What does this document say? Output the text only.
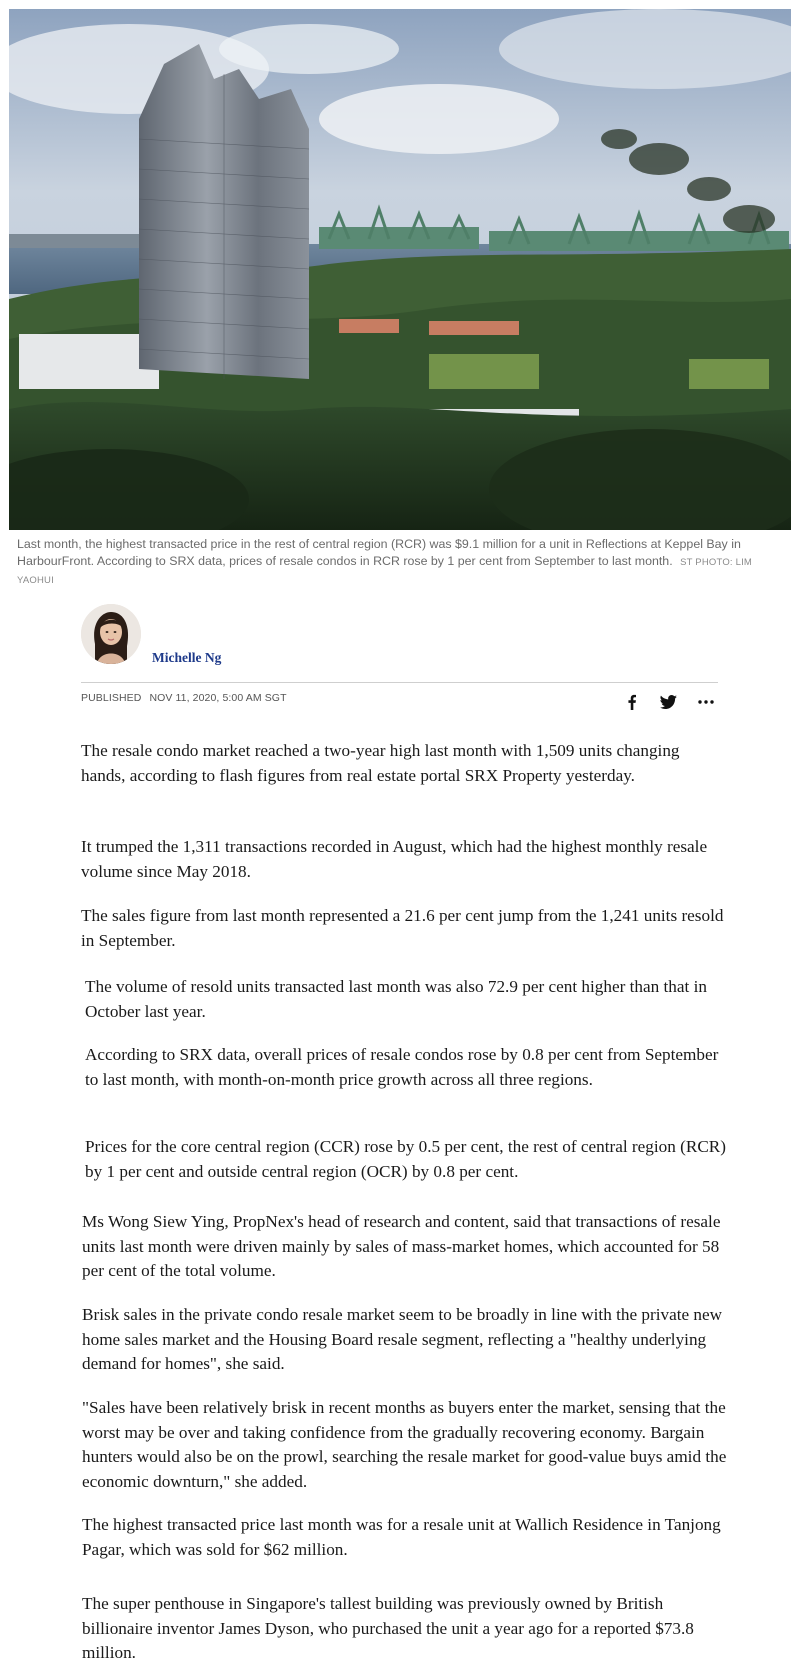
Last month, the highest transacted price in the rest of central region (RCR) was $9.1 million for a unit in Reflections at Keppel Bay in HarbourFront. According to SRX data, prices of resale condos in RCR rose by 1 per cent from September to last month. ST PHOTO: LIM YAOHUI
Michelle Ng
PUBLISHED NOV 11, 2020, 5:00 AM SGT

The resale condo market reached a two-year high last month with 1,509 units changing hands, according to flash figures from real estate portal SRX Property yesterday.

It trumped the 1,311 transactions recorded in August, which had the highest monthly resale volume since May 2018.

The sales figure from last month represented a 21.6 per cent jump from the 1,241 units resold in September.

The volume of resold units transacted last month was also 72.9 per cent higher than that in October last year.

According to SRX data, overall prices of resale condos rose by 0.8 per cent from September to last month, with month-on-month price growth across all three regions.

Prices for the core central region (CCR) rose by 0.5 per cent, the rest of central region (RCR) by 1 per cent and outside central region (OCR) by 0.8 per cent.

Ms Wong Siew Ying, PropNex's head of research and content, said that transactions of resale units last month were driven mainly by sales of mass-market homes, which accounted for 58 per cent of the total volume.

Brisk sales in the private condo resale market seem to be broadly in line with the private new home sales market and the Housing Board resale segment, reflecting a "healthy underlying demand for homes", she said.

"Sales have been relatively brisk in recent months as buyers enter the market, sensing that the worst may be over and taking confidence from the gradually recovering economy. Bargain hunters would also be on the prowl, searching the resale market for good-value buys amid the economic downturn," she added.

The highest transacted price last month was for a resale unit at Wallich Residence in Tanjong Pagar, which was sold for $62 million.

The super penthouse in Singapore's tallest building was previously owned by British billionaire inventor James Dyson, who purchased the unit a year ago for a reported $73.8 million.
